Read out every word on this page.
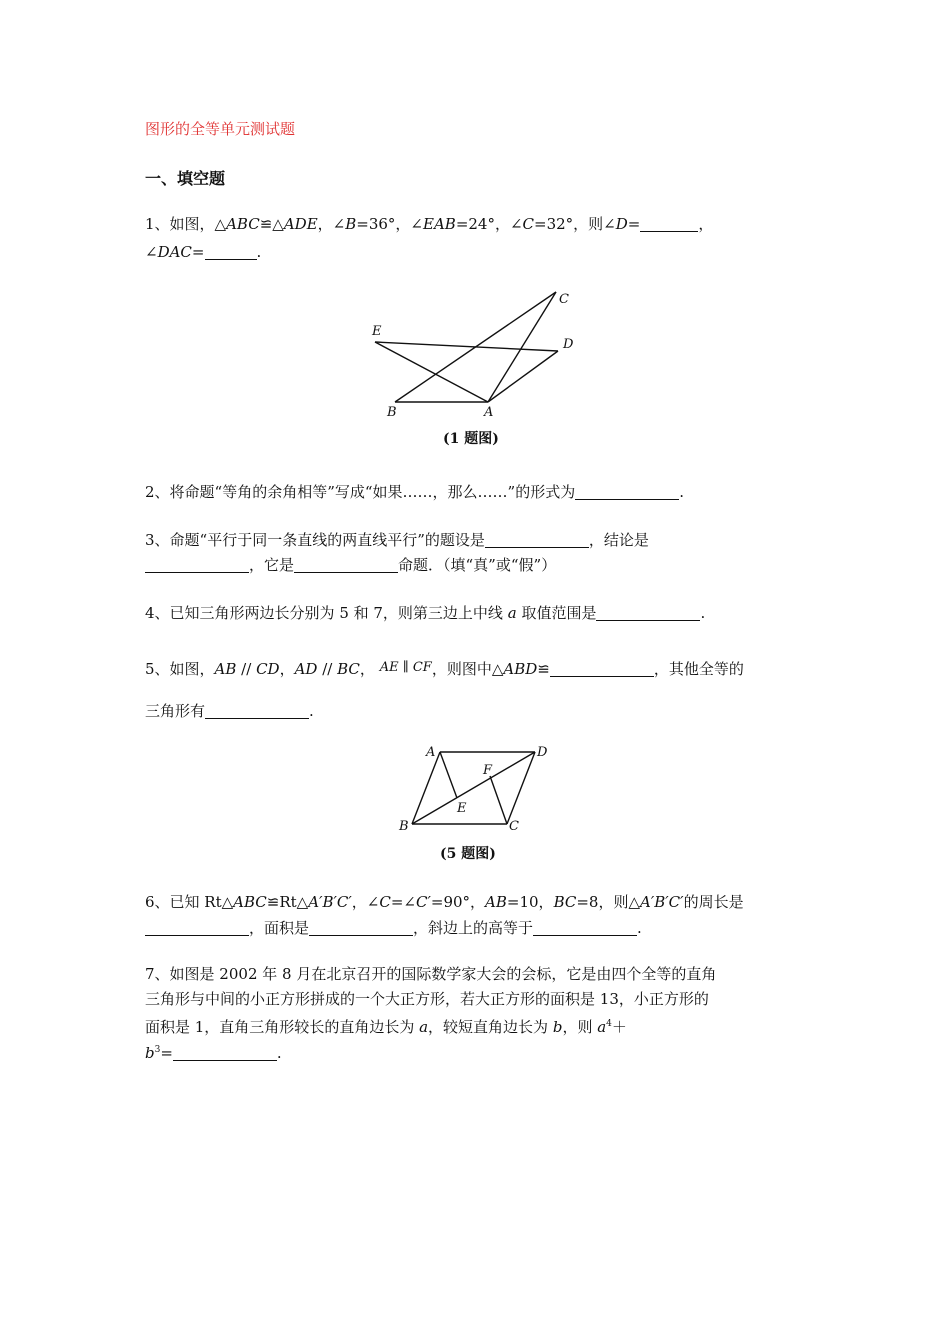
图形的全等单元测试题
一、填空题
1、如图，△ABC≌△ADE，∠B=36°，∠EAB=24°，∠C=32°，则∠D=	，
∠DAC=	.
C
E
D
B	A
(1 题图)
2、将命题“等角的余角相等”写成“如果……，那么……”的形式为	.
3、命题“平行于同一条直线的两直线平行”的题设是	，结论是
，它是	命题．（填“真”或“假”）
4、已知三角形两边长分别为 5 和 7，则第三边上中线 a 取值范围是	.
5、如图，AB // CD，AD // BC， AE ∥ CF，则图中△ABD≌	，其他全等的
三角形有	.
A	D
F
E
B	C
(5 题图)
6、已知 Rt△ABC≌Rt△A′B′C′，∠C=∠C′=90°，AB=10，BC=8，则△A′B′C′的周长是
，面积是	，斜边上的高等于	.
7、如图是 2002 年 8 月在北京召开的国际数学家大会的会标，它是由四个全等的直角
三角形与中间的小正方形拼成的一个大正方形，若大正方形的面积是 13，小正方形的
面积是 1，直角三角形较长的直角边长为 a，较短直角边长为 b，则 $a^4+$
$b^3=$	.
